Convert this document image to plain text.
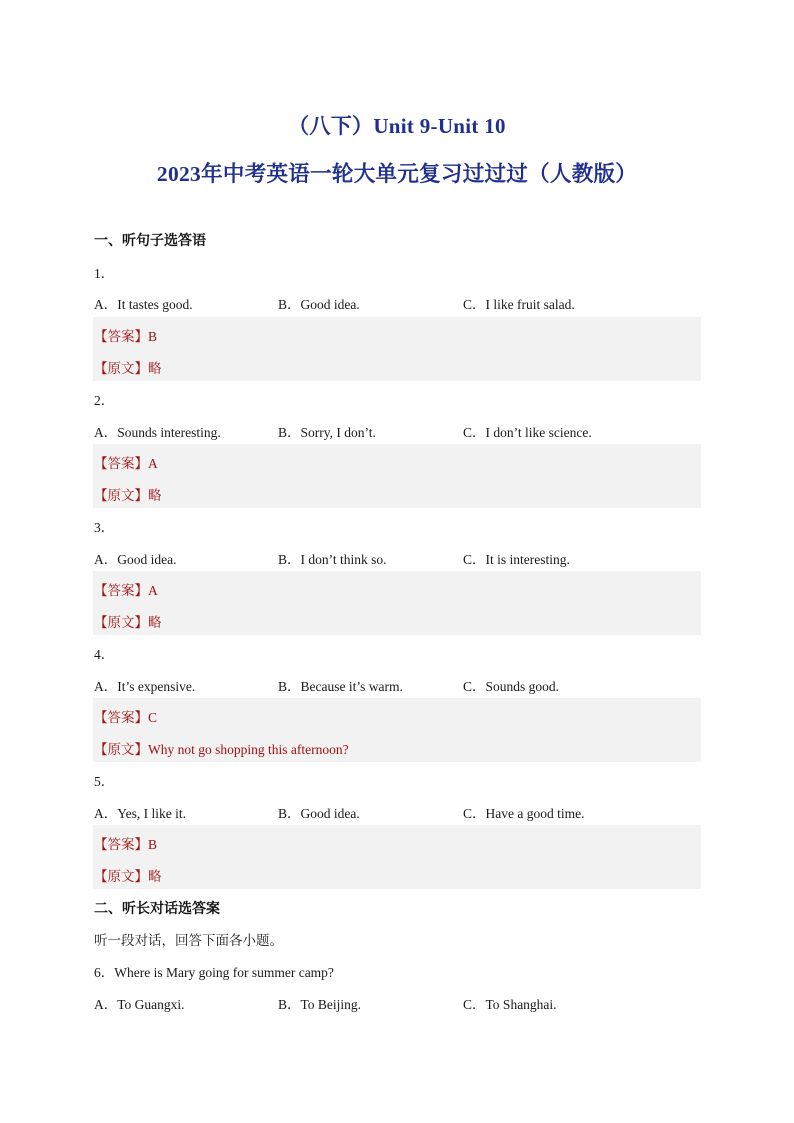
（八下）Unit 9-Unit 10
2023年中考英语一轮大单元复习过过过（人教版）
一、听句子选答语
1．
A．It tastes good.	B．Good idea.	C．I like fruit salad.
【答案】B
【原文】略
2．
A．Sounds interesting.	B．Sorry, I don’t.	C．I don’t like science.
【答案】A
【原文】略
3．
A．Good idea.	B．I don’t think so.	C．It is interesting.
【答案】A
【原文】略
4．
A．It’s expensive.	B．Because it’s warm.	C．Sounds good.
【答案】C
【原文】Why not go shopping this afternoon?
5．
A．Yes, I like it.	B．Good idea.	C．Have a good time.
【答案】B
【原文】略
二、听长对话选答案
听一段对话，回答下面各小题。
6．Where is Mary going for summer camp?
A．To Guangxi.	B．To Beijing.	C．To Shanghai.
